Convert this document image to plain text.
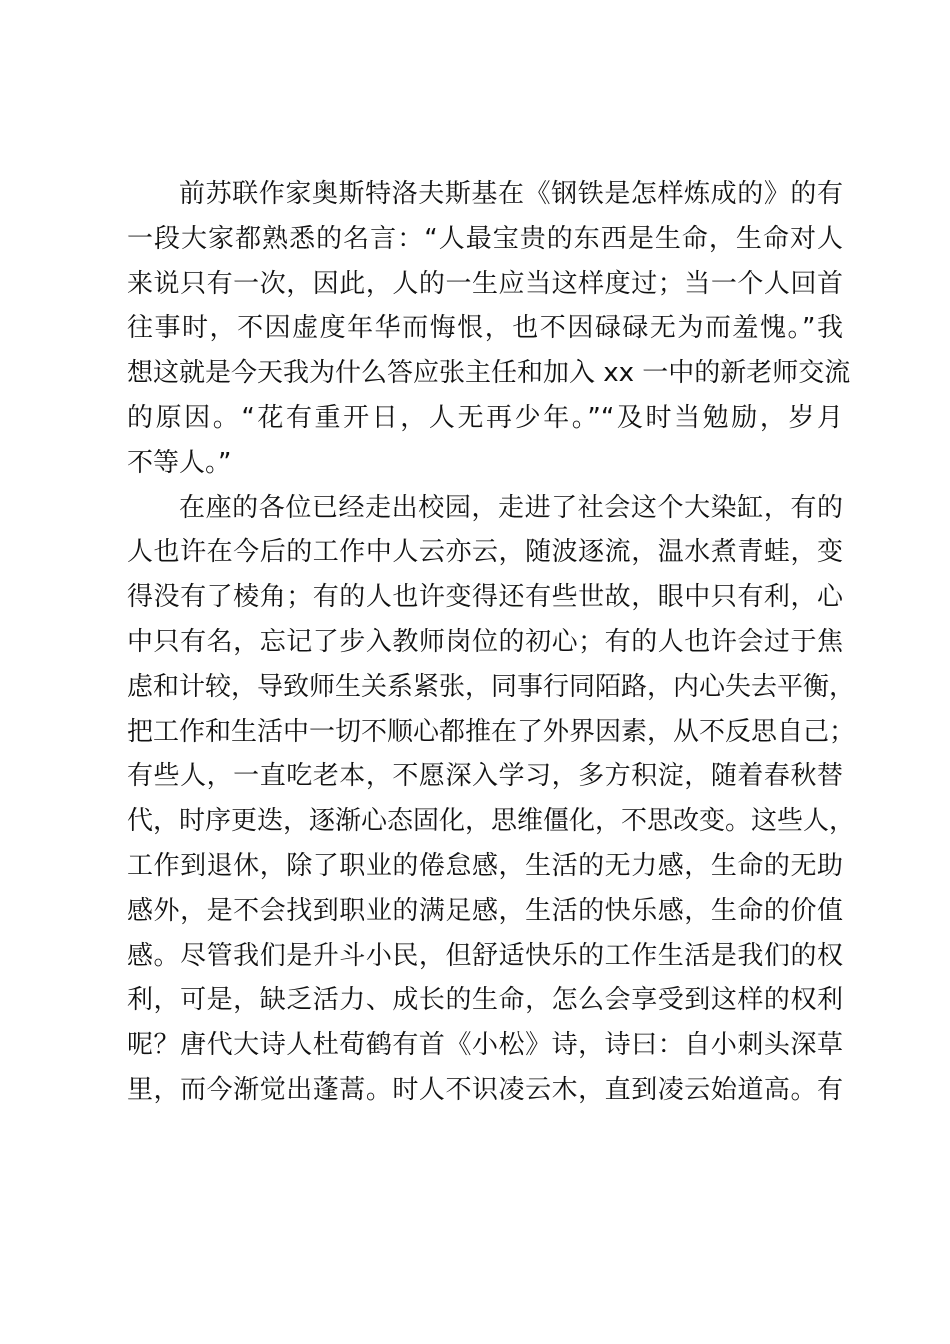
前苏联作家奥斯特洛夫斯基在《钢铁是怎样炼成的》的有
一段大家都熟悉的名言：“人最宝贵的东西是生命，生命对人
来说只有一次，因此，人的一生应当这样度过；当一个人回首
往事时，不因虚度年华而悔恨，也不因碌碌无为而羞愧。”我
想这就是今天我为什么答应张主任和加入 xx 一中的新老师交流
的原因。“花有重开日，人无再少年。”“及时当勉励，岁月
不等人。”
在座的各位已经走出校园，走进了社会这个大染缸，有的
人也许在今后的工作中人云亦云，随波逐流，温水煮青蛙，变
得没有了棱角；有的人也许变得还有些世故，眼中只有利，心
中只有名，忘记了步入教师岗位的初心；有的人也许会过于焦
虑和计较，导致师生关系紧张，同事行同陌路，内心失去平衡，
把工作和生活中一切不顺心都推在了外界因素，从不反思自己；
有些人，一直吃老本，不愿深入学习，多方积淀，随着春秋替
代，时序更迭，逐渐心态固化，思维僵化，不思改变。这些人，
工作到退休，除了职业的倦怠感，生活的无力感，生命的无助
感外，是不会找到职业的满足感，生活的快乐感，生命的价值
感。尽管我们是升斗小民，但舒适快乐的工作生活是我们的权
利，可是，缺乏活力、成长的生命，怎么会享受到这样的权利
呢？唐代大诗人杜荀鹤有首《小松》诗，诗曰：自小刺头深草
里，而今渐觉出蓬蒿。时人不识凌云木，直到凌云始道高。有
